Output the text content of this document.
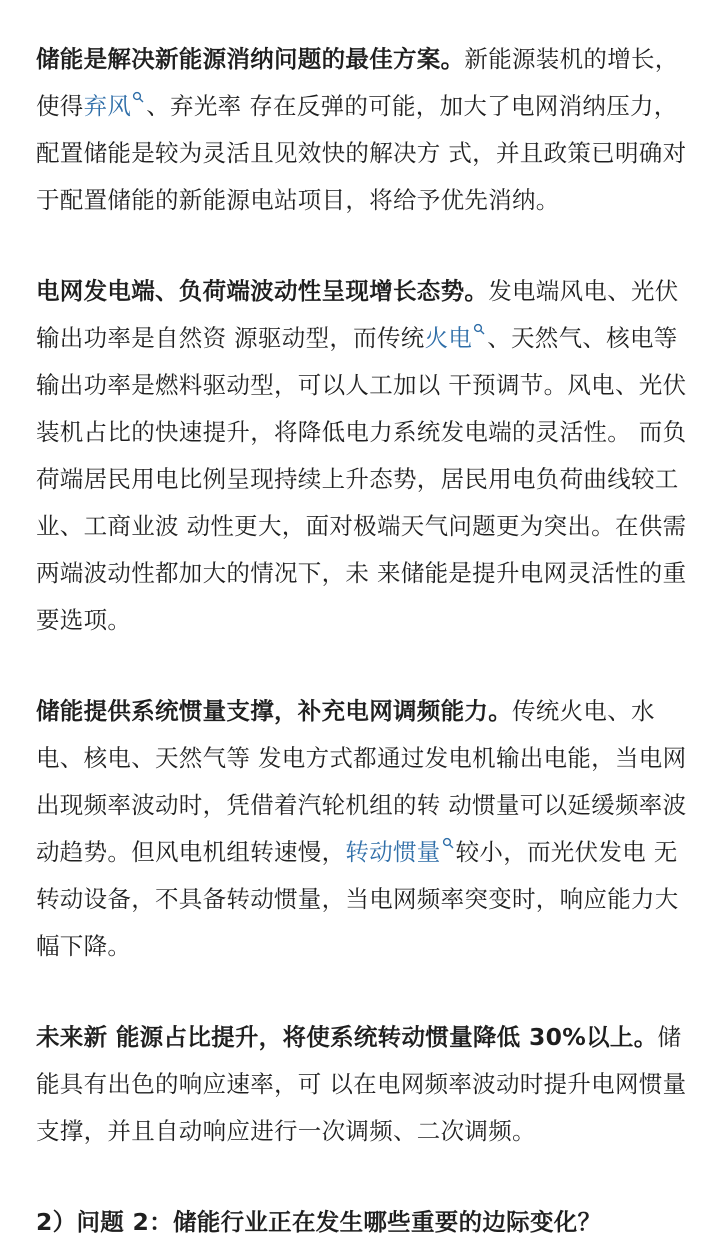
储能是解决新能源消纳问题的最佳方案。新能源装机的增长，使得弃风 、弃光率 存在反弹的可能，加大了电网消纳压力，配置储能是较为灵活且见效快的解决方 式，并且政策已明确对于配置储能的新能源电站项目，将给予优先消纳。

电网发电端、负荷端波动性呈现增长态势。发电端风电、光伏输出功率是自然资 源驱动型，而传统火电 、天然气、核电等输出功率是燃料驱动型，可以人工加以 干预调节。风电、光伏装机占比的快速提升，将降低电力系统发电端的灵活性。 而负荷端居民用电比例呈现持续上升态势，居民用电负荷曲线较工业、工商业波 动性更大，面对极端天气问题更为突出。在供需两端波动性都加大的情况下，未 来储能是提升电网灵活性的重要选项。

储能提供系统惯量支撑，补充电网调频能力。传统火电、水电、核电、天然气等 发电方式都通过发电机输出电能，当电网出现频率波动时，凭借着汽轮机组的转 动惯量可以延缓频率波动趋势。但风电机组转速慢，转动惯量 较小，而光伏发电 无转动设备，不具备转动惯量，当电网频率突变时，响应能力大幅下降。

未来新 能源占比提升，将使系统转动惯量降低 30%以上。储能具有出色的响应速率，可 以在电网频率波动时提升电网惯量支撑，并且自动响应进行一次调频、二次调频。

2）问题 2：储能行业正在发生哪些重要的边际变化？
